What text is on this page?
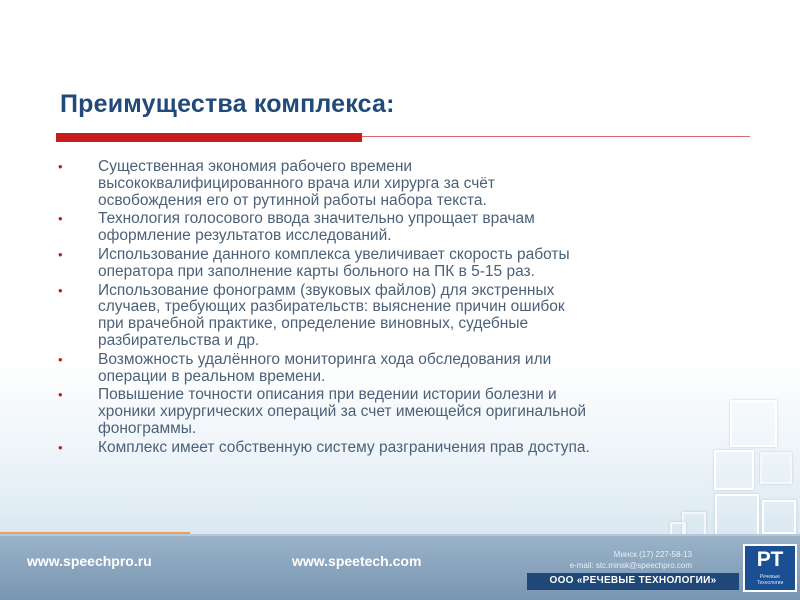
Преимущества комплекса:
• Существенная экономия рабочего времени
высококвалифицированного врача или хирурга за счёт
освобождения его от рутинной работы набора текста.
• Технология голосового ввода значительно упрощает врачам
оформление результатов исследований.
• Использование данного комплекса увеличивает скорость работы
оператора при заполнение карты больного на ПК в 5-15 раз.
• Использование фонограмм (звуковых файлов) для экстренных
случаев, требующих разбирательств: выяснение причин ошибок
при врачебной практике, определение виновных, судебные
разбирательства и др.
• Возможность удалённого мониторинга хода обследования или
операции в реальном времени.
• Повышение точности описания при ведении истории болезни и
хроники хирургических операций за счет имеющейся оригинальной
фонограммы.
• Комплекс имеет собственную систему разграничения прав доступа.
www.speechpro.ru	www.speetech.com	Минск (17) 227-58-13
e-mail: stc.minsk@speechpro.com
ООО «РЕЧЕВЫЕ ТЕХНОЛОГИИ»
РТ
Речевые
Технологии
